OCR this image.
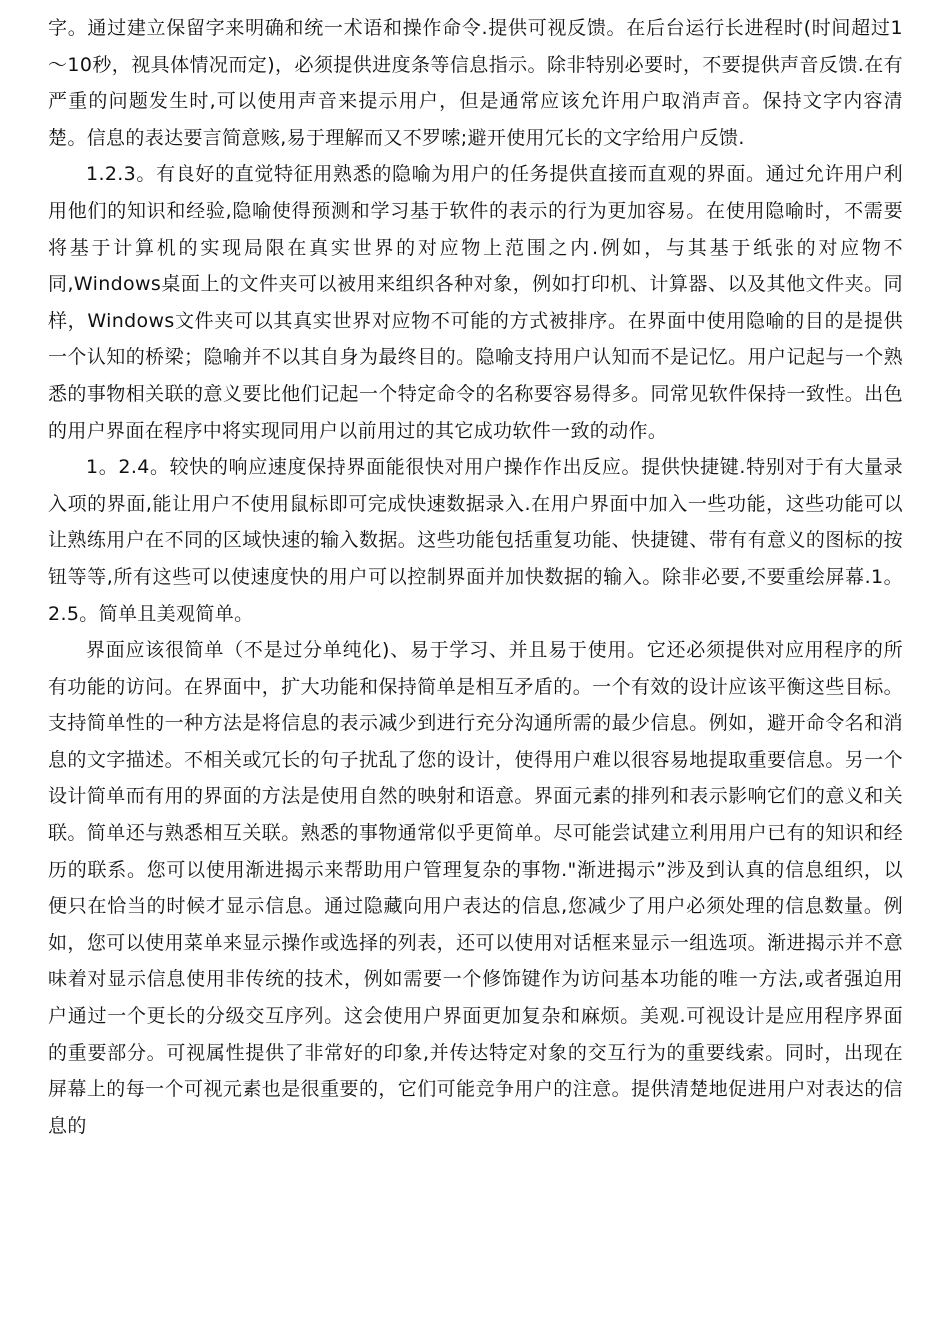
字。通过建立保留字来明确和统一术语和操作命令.提供可视反馈。在后台运行长进程时(时间超过1～10秒，视具体情况而定)，必须提供进度条等信息指示。除非特别必要时，不要提供声音反馈.在有严重的问题发生时,可以使用声音来提示用户，但是通常应该允许用户取消声音。保持文字内容清楚。信息的表达要言简意赅,易于理解而又不罗嗦;避开使用冗长的文字给用户反馈.

1.2.3。有良好的直觉特征用熟悉的隐喻为用户的任务提供直接而直观的界面。通过允许用户利用他们的知识和经验,隐喻使得预测和学习基于软件的表示的行为更加容易。在使用隐喻时，不需要将基于计算机的实现局限在真实世界的对应物上范围之内.例如，与其基于纸张的对应物不同,Windows桌面上的文件夹可以被用来组织各种对象，例如打印机、计算器、以及其他文件夹。同样，Windows文件夹可以其真实世界对应物不可能的方式被排序。在界面中使用隐喻的目的是提供一个认知的桥梁；隐喻并不以其自身为最终目的。隐喻支持用户认知而不是记忆。用户记起与一个熟悉的事物相关联的意义要比他们记起一个特定命令的名称要容易得多。同常见软件保持一致性。出色的用户界面在程序中将实现同用户以前用过的其它成功软件一致的动作。

1。2.4。较快的响应速度保持界面能很快对用户操作作出反应。提供快捷键.特别对于有大量录入项的界面,能让用户不使用鼠标即可完成快速数据录入.在用户界面中加入一些功能，这些功能可以让熟练用户在不同的区域快速的输入数据。这些功能包括重复功能、快捷键、带有有意义的图标的按钮等等,所有这些可以使速度快的用户可以控制界面并加快数据的输入。除非必要,不要重绘屏幕.1。2.5。简单且美观简单。

界面应该很简单（不是过分单纯化)、易于学习、并且易于使用。它还必须提供对应用程序的所有功能的访问。在界面中，扩大功能和保持简单是相互矛盾的。一个有效的设计应该平衡这些目标。支持简单性的一种方法是将信息的表示减少到进行充分沟通所需的最少信息。例如，避开命令名和消息的文字描述。不相关或冗长的句子扰乱了您的设计，使得用户难以很容易地提取重要信息。另一个设计简单而有用的界面的方法是使用自然的映射和语意。界面元素的排列和表示影响它们的意义和关联。简单还与熟悉相互关联。熟悉的事物通常似乎更简单。尽可能尝试建立利用用户已有的知识和经历的联系。您可以使用渐进揭示来帮助用户管理复杂的事物."渐进揭示”涉及到认真的信息组织，以便只在恰当的时候才显示信息。通过隐藏向用户表达的信息,您减少了用户必须处理的信息数量。例如，您可以使用菜单来显示操作或选择的列表，还可以使用对话框来显示一组选项。渐进揭示并不意味着对显示信息使用非传统的技术，例如需要一个修饰键作为访问基本功能的唯一方法,或者强迫用户通过一个更长的分级交互序列。这会使用户界面更加复杂和麻烦。美观.可视设计是应用程序界面的重要部分。可视属性提供了非常好的印象,并传达特定对象的交互行为的重要线索。同时，出现在屏幕上的每一个可视元素也是很重要的，它们可能竞争用户的注意。提供清楚地促进用户对表达的信息的
